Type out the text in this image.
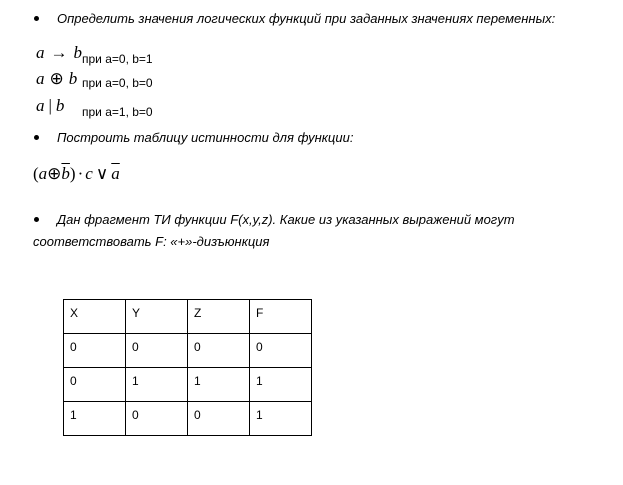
Определить значения логических функций при заданных значениях переменных:
a → b при a=0, b=1
a ⊕ b при a=0, b=0
a | b при a=1, b=0
Построить таблицу истинности для функции:
$(a\oplus\overline{b}) \cdot c$ ∨ $\overline{a}$
Дан фрагмент ТИ функции F(x,y,z). Какие из указанных выражений могут
соответствовать F: «+»-дизъюнкция
X	Y	Z	F
0	0	0	0
0	1	1	1
1	0	0	1
